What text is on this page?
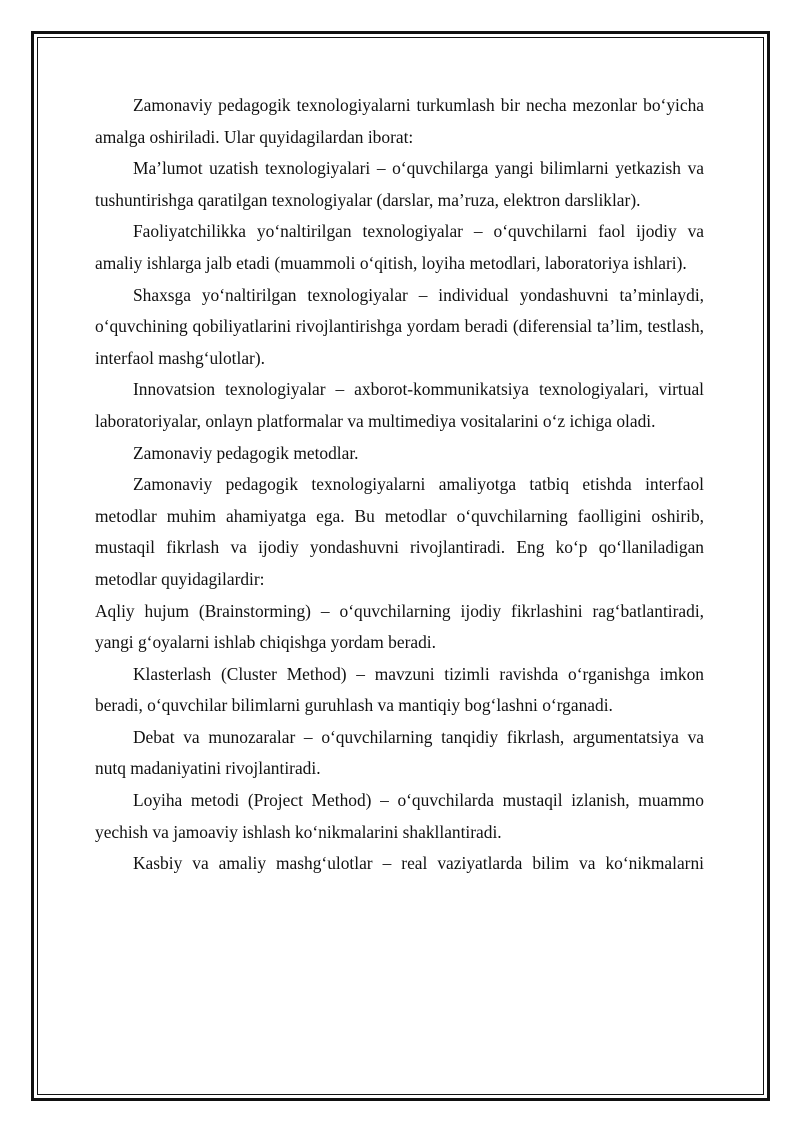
Zamonaviy pedagogik texnologiyalarni turkumlash bir necha mezonlar boʻyicha amalga oshiriladi. Ular quyidagilardan iborat:

Ma’lumot uzatish texnologiyalari – oʻquvchilarga yangi bilimlarni yetkazish va tushuntirishga qaratilgan texnologiyalar (darslar, ma’ruza, elektron darsliklar).

Faoliyatchilikka yoʻnaltirilgan texnologiyalar – oʻquvchilarni faol ijodiy va amaliy ishlarga jalb etadi (muammoli oʻqitish, loyiha metodlari, laboratoriya ishlari).

Shaxsga yoʻnaltirilgan texnologiyalar – individual yondashuvni ta’minlaydi, oʻquvchining qobiliyatlarini rivojlantirishga yordam beradi (diferensial ta’lim, testlash, interfaol mashgʻulotlar).

Innovatsion texnologiyalar – axborot-kommunikatsiya texnologiyalari, virtual laboratoriyalar, onlayn platformalar va multimediya vositalarini oʻz ichiga oladi.

Zamonaviy pedagogik metodlar.

Zamonaviy pedagogik texnologiyalarni amaliyotga tatbiq etishda interfaol metodlar muhim ahamiyatga ega. Bu metodlar oʻquvchilarning faolligini oshirib, mustaqil fikrlash va ijodiy yondashuvni rivojlantiradi. Eng koʻp qoʻllaniladigan metodlar quyidagilardir:

Aqliy hujum (Brainstorming) – oʻquvchilarning ijodiy fikrlashini ragʻbatlantiradi, yangi gʻoyalarni ishlab chiqishga yordam beradi.

Klasterlash (Cluster Method) – mavzuni tizimli ravishda oʻrganishga imkon beradi, oʻquvchilar bilimlarni guruhlash va mantiqiy bogʻlashni oʻrganadi.

Debat va munozaralar – oʻquvchilarning tanqidiy fikrlash, argumentatsiya va nutq madaniyatini rivojlantiradi.

Loyiha metodi (Project Method) – oʻquvchilarda mustaqil izlanish, muammo yechish va jamoaviy ishlash koʻnikmalarini shakllantiradi.

Kasbiy va amaliy mashgʻulotlar – real vaziyatlarda bilim va koʻnikmalarni
